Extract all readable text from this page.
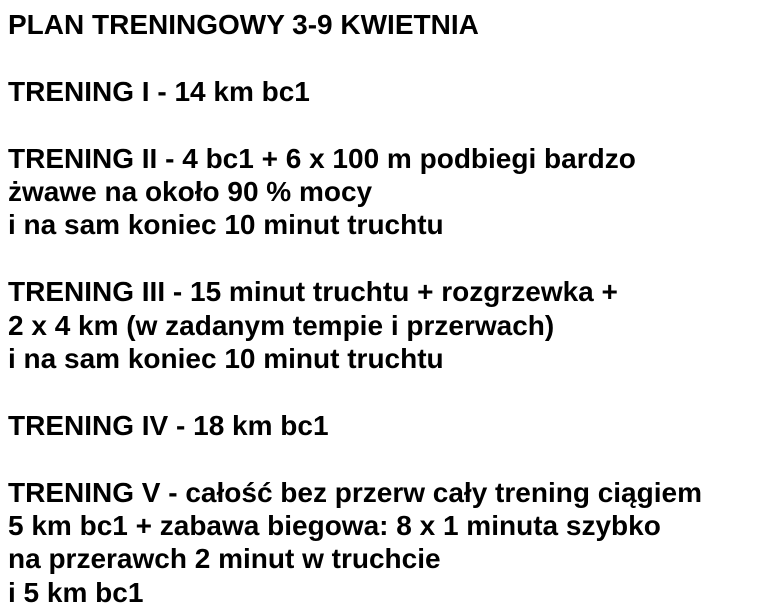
PLAN TRENINGOWY 3-9 KWIETNIA
TRENING I - 14 km bc1
TRENING II - 4 bc1 + 6 x 100 m podbiegi bardzo
żwawe na około 90 % mocy
i na sam koniec 10 minut truchtu
TRENING III - 15 minut truchtu + rozgrzewka +
2 x 4 km (w zadanym tempie i przerwach)
i na sam koniec 10 minut truchtu
TRENING IV - 18 km bc1
TRENING V - całość bez przerw cały trening ciągiem
5 km bc1 + zabawa biegowa: 8 x 1 minuta szybko
na przerawch 2 minut w truchcie
i 5 km bc1
